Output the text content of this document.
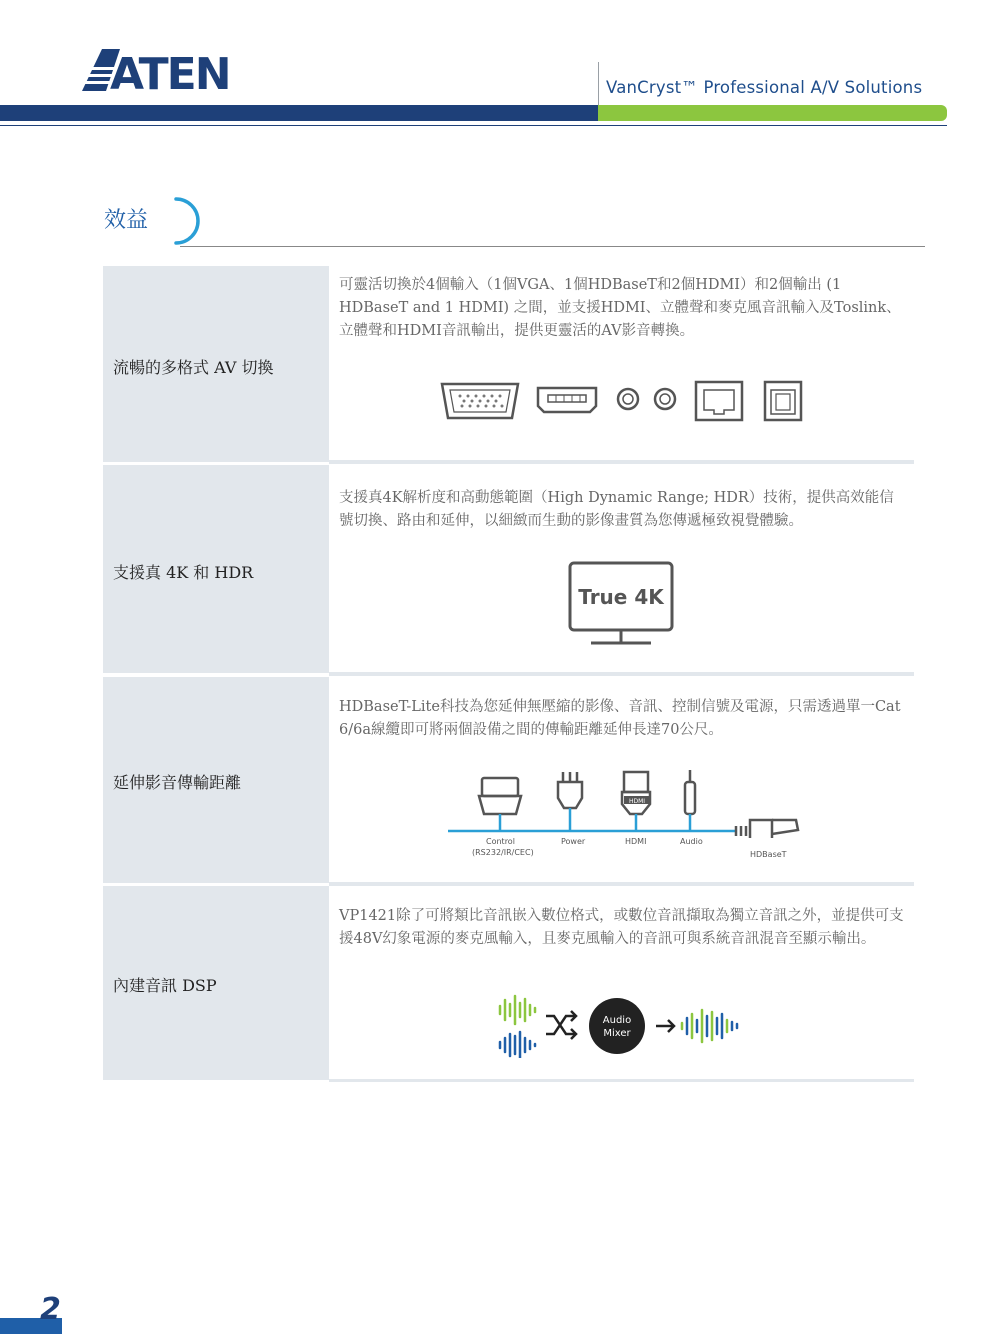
ATEN	VanCryst™ Professional A/V Solutions
效益
流暢的多格式 AV 切換
可靈活切換於4個輸入（1個VGA、1個HDBaseT和2個HDMI）和2個輸出 (1 HDBaseT and 1 HDMI) 之間，並支援HDMI、立體聲和麥克風音訊輸入及Toslink、立體聲和HDMI音訊輸出，提供更靈活的AV影音轉換。
支援真 4K 和 HDR
支援真4K解析度和高動態範圍（High Dynamic Range; HDR）技術，提供高效能信號切換、路由和延伸，以細緻而生動的影像畫質為您傳遞極致視覺體驗。
True 4K
延伸影音傳輸距離
HDBaseT-Lite科技為您延伸無壓縮的影像、音訊、控制信號及電源，只需透過單一Cat 6/6a線纜即可將兩個設備之間的傳輸距離延伸長達70公尺。
HDMI
Control
(RS232/IR/CEC)
Power	HDMI	Audio
HDBaseT
內建音訊 DSP
VP1421除了可將類比音訊嵌入數位格式，或數位音訊擷取為獨立音訊之外，並提供可支援48V幻象電源的麥克風輸入，且麥克風輸入的音訊可與系統音訊混音至顯示輸出。
Audio
Mixer
2
